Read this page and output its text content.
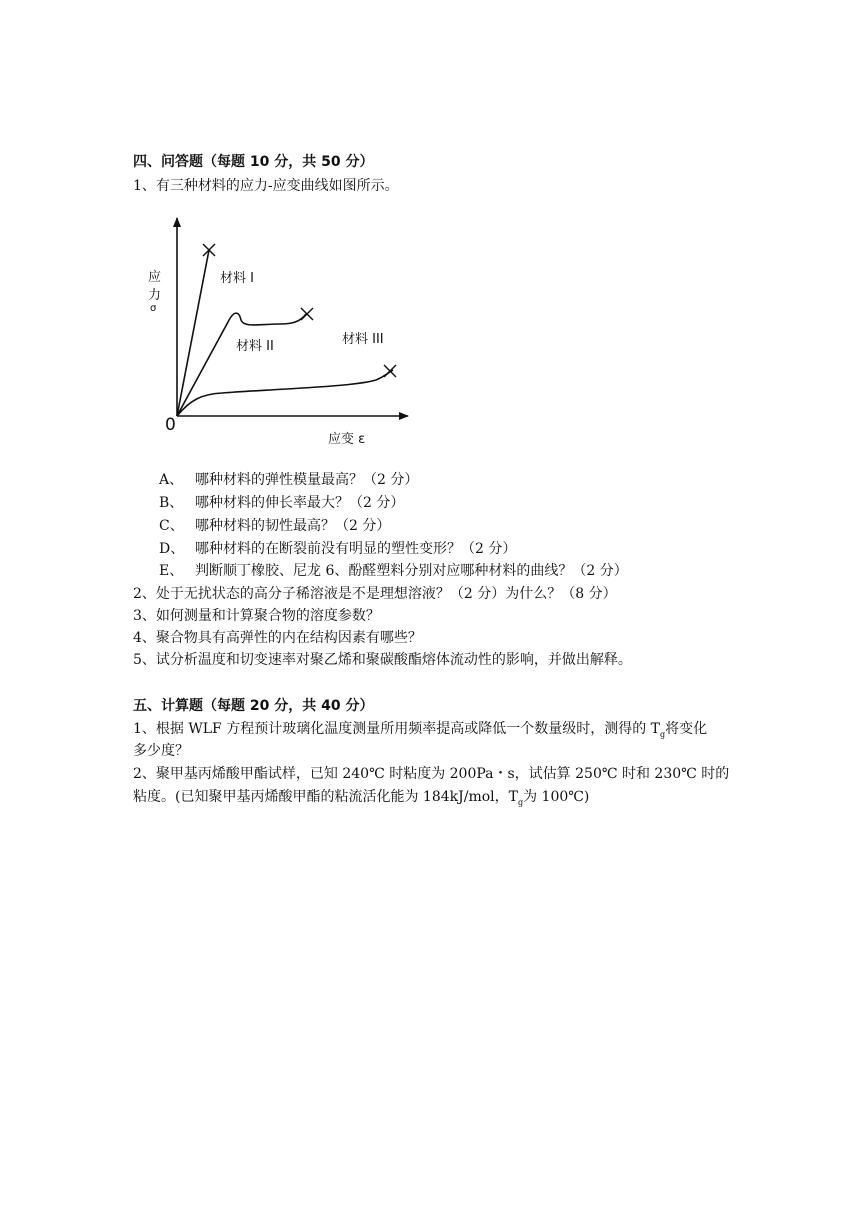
四、问答题（每题 10 分，共 50 分）
1、有三种材料的应力-应变曲线如图所示。
应
力
σ
0
应变 ε
材料 I
材料 II	材料 III
A、 哪种材料的弹性模量最高？（2 分）
B、 哪种材料的伸长率最大？（2 分）
C、 哪种材料的韧性最高？（2 分）
D、 哪种材料的在断裂前没有明显的塑性变形？（2 分）
E、 判断顺丁橡胶、尼龙 6、酚醛塑料分别对应哪种材料的曲线？（2 分）
2、处于无扰状态的高分子稀溶液是不是理想溶液？（2 分）为什么？（8 分）
3、如何测量和计算聚合物的溶度参数？
4、聚合物具有高弹性的内在结构因素有哪些？
5、试分析温度和切变速率对聚乙烯和聚碳酸酯熔体流动性的影响，并做出解释。
五、计算题（每题 20 分，共 40 分）
1、根据 WLF 方程预计玻璃化温度测量所用频率提高或降低一个数量级时，测得的 $T_g$将变化
多少度？
2、聚甲基丙烯酸甲酯试样，已知 240℃ 时粘度为 200Pa・s，试估算 250℃ 时和 230℃ 时的
粘度。(已知聚甲基丙烯酸甲酯的粘流活化能为 184kJ/mol，$T_g$为 100℃)
